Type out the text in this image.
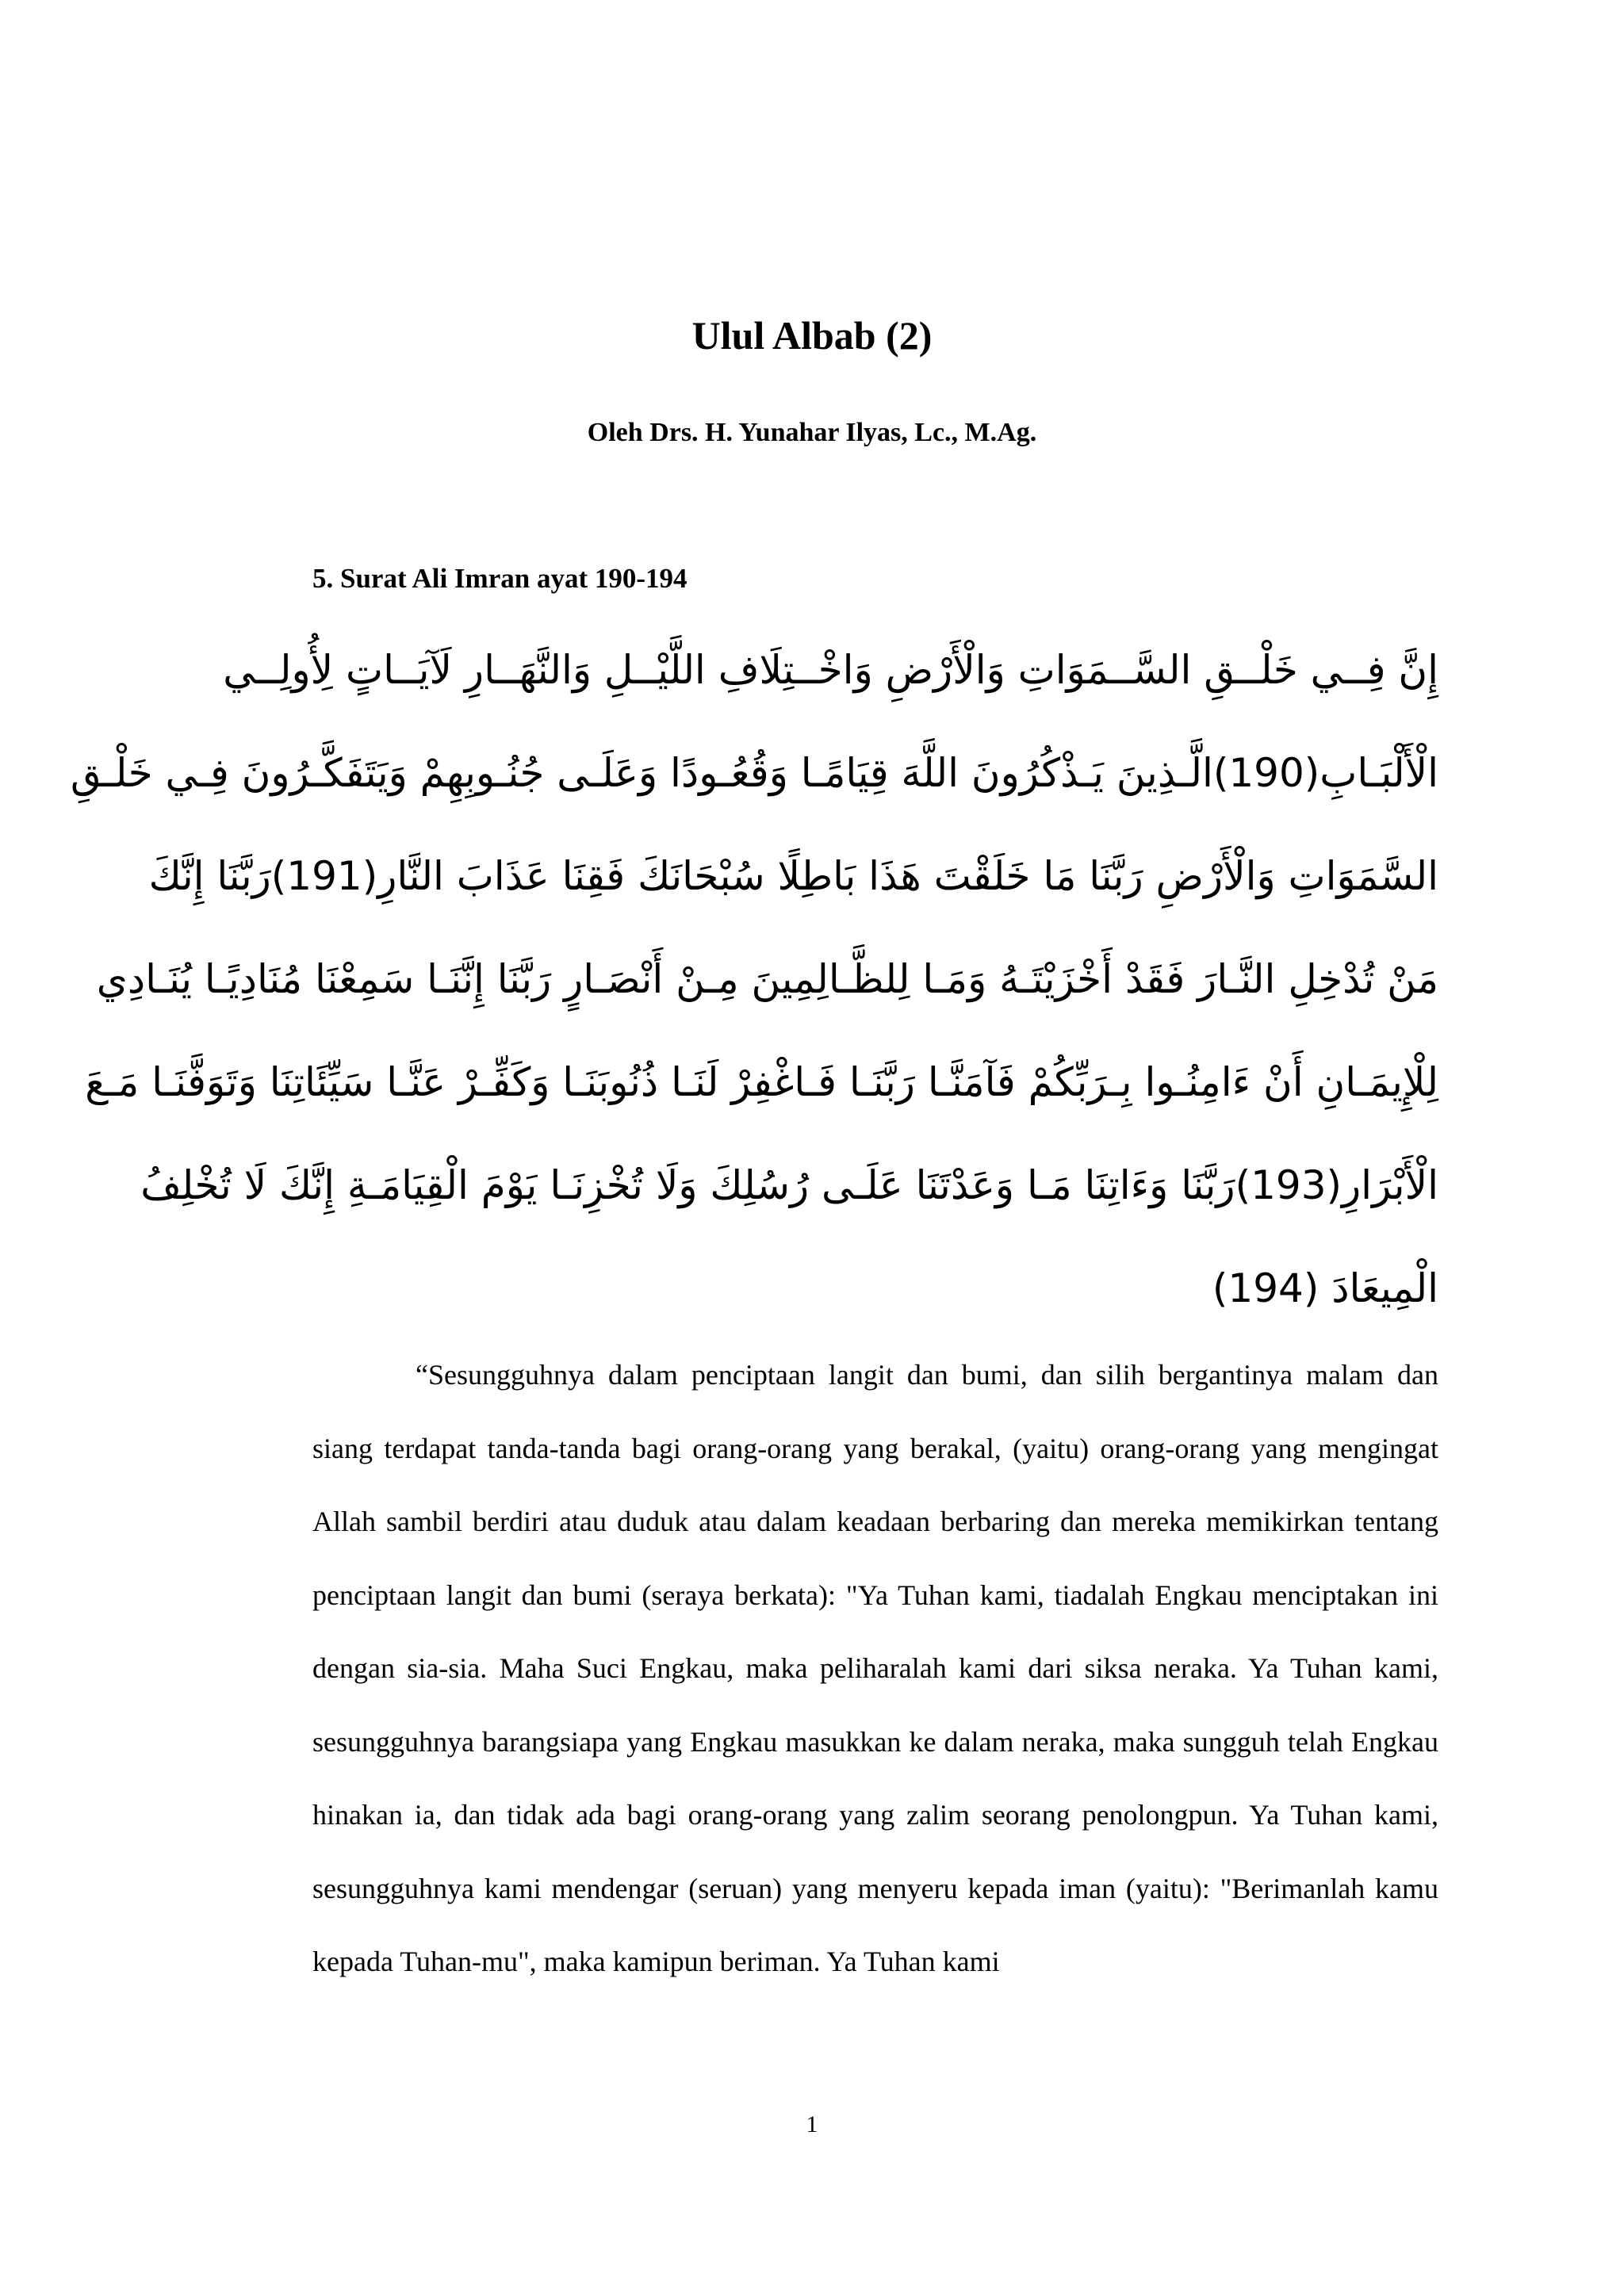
Ulul Albab (2)

Oleh Drs. H. Yunahar Ilyas, Lc., M.Ag.

5. Surat Ali Imran ayat 190-194

إِنَّ فِــي خَلْــقِ السَّــمَوَاتِ وَالْأَرْضِ وَاخْــتِلَافِ اللَّيْــلِ وَالنَّهَــارِ لَآيَــاتٍ لِأُولِــي
الْأَلْبَـابِ(190)الَّـذِينَ يَـذْكُرُونَ اللَّهَ قِيَامًـا وَقُعُـودًا وَعَلَـى جُنُـوبِهِمْ وَيَتَفَكَّـرُونَ فِـي خَلْـقِ
السَّمَوَاتِ وَالْأَرْضِ رَبَّنَا مَا خَلَقْتَ هَذَا بَاطِلًا سُبْحَانَكَ فَقِنَا عَذَابَ النَّارِ(191)رَبَّنَا إِنَّكَ
مَنْ تُدْخِلِ النَّـارَ فَقَدْ أَخْزَيْتَـهُ وَمَـا لِلظَّـالِمِينَ مِـنْ أَنْصَـارٍ رَبَّنَا إِنَّنَـا سَمِعْنَا مُنَادِيًـا يُنَـادِي
لِلْإِيمَـانِ أَنْ ءَامِنُـوا بِـرَبِّكُمْ فَآمَنَّـا رَبَّنَـا فَـاغْفِرْ لَنَـا ذُنُوبَنَـا وَكَفِّـرْ عَنَّـا سَيِّئَاتِنَا وَتَوَفَّنَـا مَـعَ
الْأَبْرَارِ(193)رَبَّنَا وَءَاتِنَا مَـا وَعَدْتَنَا عَلَـى رُسُلِكَ وَلَا تُخْزِنَـا يَوْمَ الْقِيَامَـةِ إِنَّكَ لَا تُخْلِفُ
الْمِيعَادَ (194)

“Sesungguhnya dalam penciptaan langit dan bumi, dan silih bergantinya malam dan siang terdapat tanda-tanda bagi orang-orang yang berakal, (yaitu) orang-orang yang mengingat Allah sambil berdiri atau duduk atau dalam keadaan berbaring dan mereka memikirkan tentang penciptaan langit dan bumi (seraya berkata): "Ya Tuhan kami, tiadalah Engkau menciptakan ini dengan sia-sia. Maha Suci Engkau, maka peliharalah kami dari siksa neraka. Ya Tuhan kami, sesungguhnya barangsiapa yang Engkau masukkan ke dalam neraka, maka sungguh telah Engkau hinakan ia, dan tidak ada bagi orang-orang yang zalim seorang penolongpun. Ya Tuhan kami, sesungguhnya kami mendengar (seruan) yang menyeru kepada iman (yaitu): "Berimanlah kamu kepada Tuhan-mu", maka kamipun beriman. Ya Tuhan kami

1
